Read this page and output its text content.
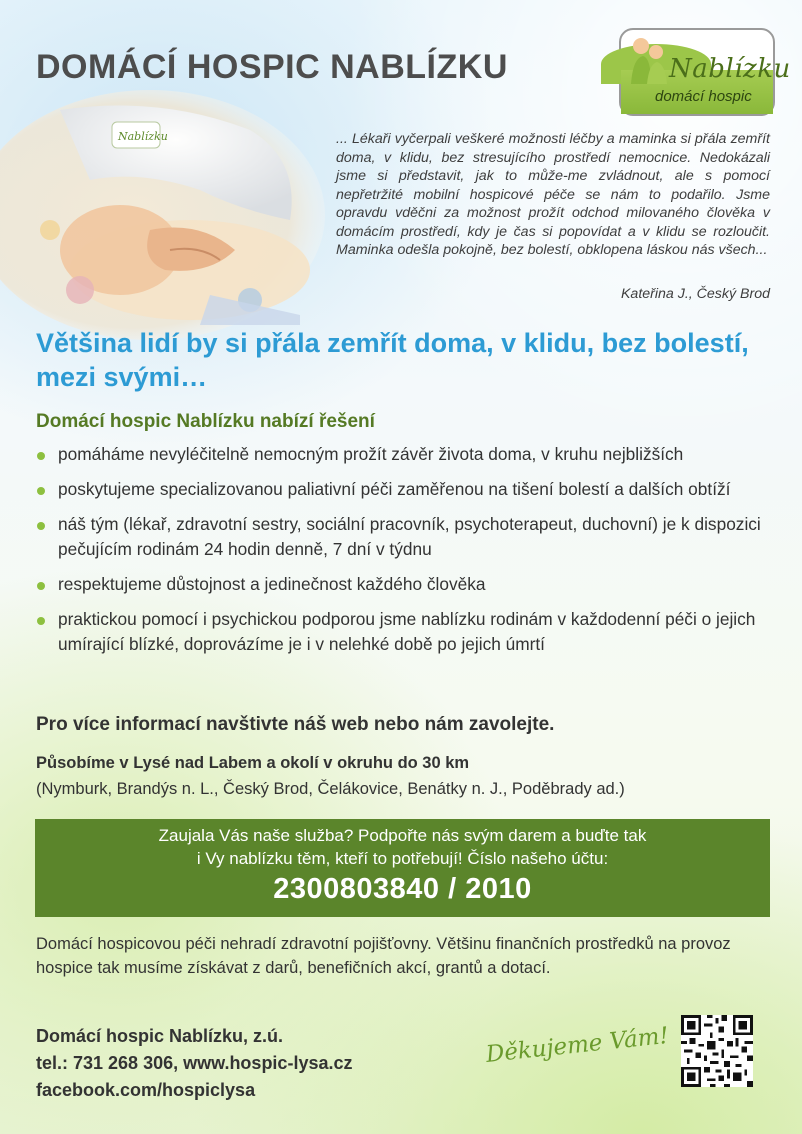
DOMÁCÍ HOSPIC NABLÍZKU	Nablízku
domácí hospic
Nablízku	... Lékaři vyčerpali veškeré možnosti léčby a maminka si přála zemřít doma, v klidu, bez stresujícího prostředí nemocnice. Nedokázali jsme si představit, jak to může-me zvládnout, ale s pomocí nepřetržité mobilní hospicové péče se nám to podařilo. Jsme opravdu vděčni za možnost prožít odchod milovaného člověka v domácím prostředí, kdy je čas si popovídat a v klidu se rozloučit. Maminka odešla pokojně, bez bolestí, obklopena láskou nás všech...
Kateřina J., Český Brod
Většina lidí by si přála zemřít doma, v klidu, bez bolestí, mezi svými…
Domácí hospic Nablízku nabízí řešení
pomáháme nevyléčitelně nemocným prožít závěr života doma, v kruhu nejbližších
poskytujeme specializovanou paliativní péči zaměřenou na tišení bolestí a dalších obtíží
náš tým (lékař, zdravotní sestry, sociální pracovník, psychoterapeut, duchovní) je k dispozici pečujícím rodinám 24 hodin denně, 7 dní v týdnu
respektujeme důstojnost a jedinečnost každého člověka
praktickou pomocí i psychickou podporou jsme nablízku rodinám v každodenní péči o jejich umírající blízké, doprovázíme je i v nelehké době po jejich úmrtí
Pro více informací navštivte náš web nebo nám zavolejte.
Působíme v Lysé nad Labem a okolí v okruhu do 30 km
(Nymburk, Brandýs n. L., Český Brod, Čelákovice, Benátky n. J., Poděbrady ad.)
Zaujala Vás naše služba? Podpořte nás svým darem a buďte tak
i Vy nablízku těm, kteří to potřebují! Číslo našeho účtu:
2300803840 / 2010
Domácí hospicovou péči nehradí zdravotní pojišťovny. Většinu finančních prostředků na provoz hospice tak musíme získávat z darů, benefičních akcí, grantů a dotací.
Domácí hospic Nablízku, z.ú.
tel.: 731 268 306, www.hospic-lysa.cz
facebook.com/hospiclysa
Děkujeme Vám!
